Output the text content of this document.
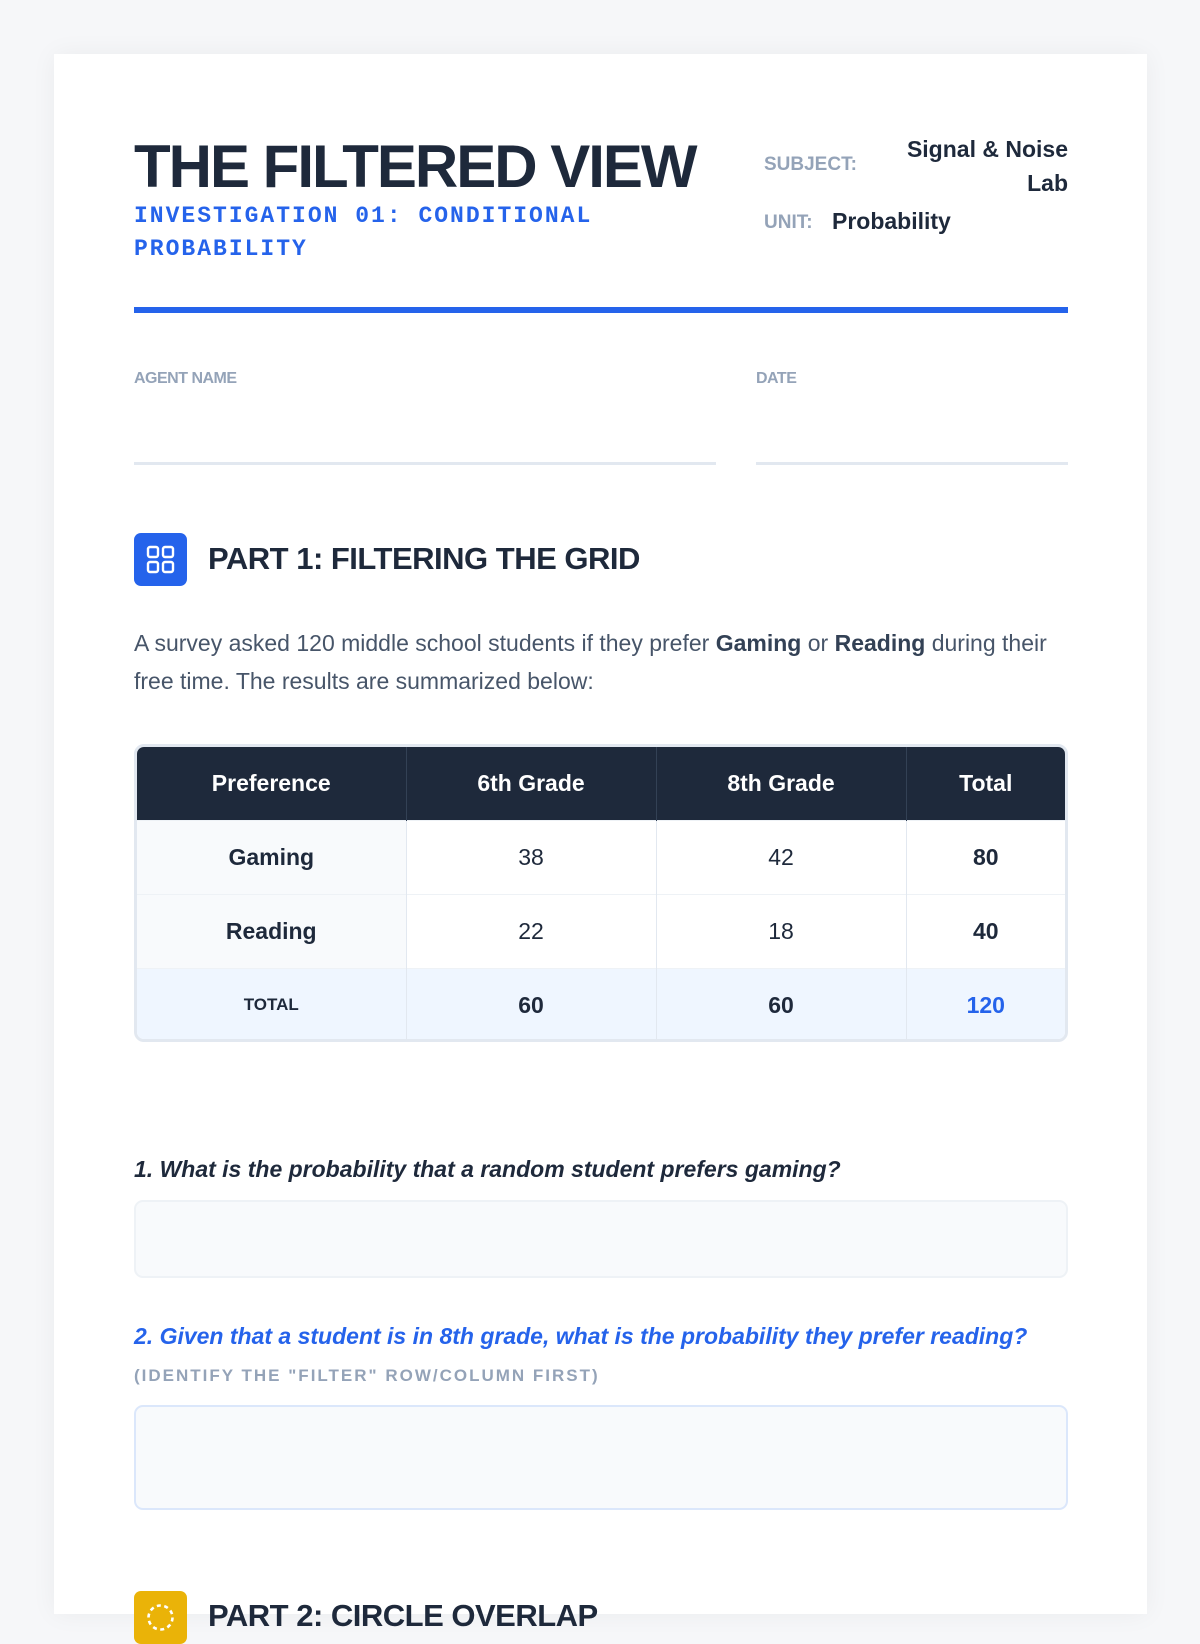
THE FILTERED VIEW
INVESTIGATION 01: CONDITIONAL PROBABILITY
AGENT NAME	DATE
PART 1: FILTERING THE GRID
A survey asked 120 middle school students if they prefer Gaming or Reading during their free time. The results are summarized below:
Preference	6th Grade	8th Grade	Total
Gaming	38	42	80
Reading	22	18	40
TOTAL	60	60	120
1. What is the probability that a random student prefers gaming?
2. Given that a student is in 8th grade, what is the probability they prefer reading?
(IDENTIFY THE "FILTER" ROW/COLUMN FIRST)
PART 2: CIRCLE OVERLAP
SUBJECT:
Signal & Noise Lab
UNIT: Probability
